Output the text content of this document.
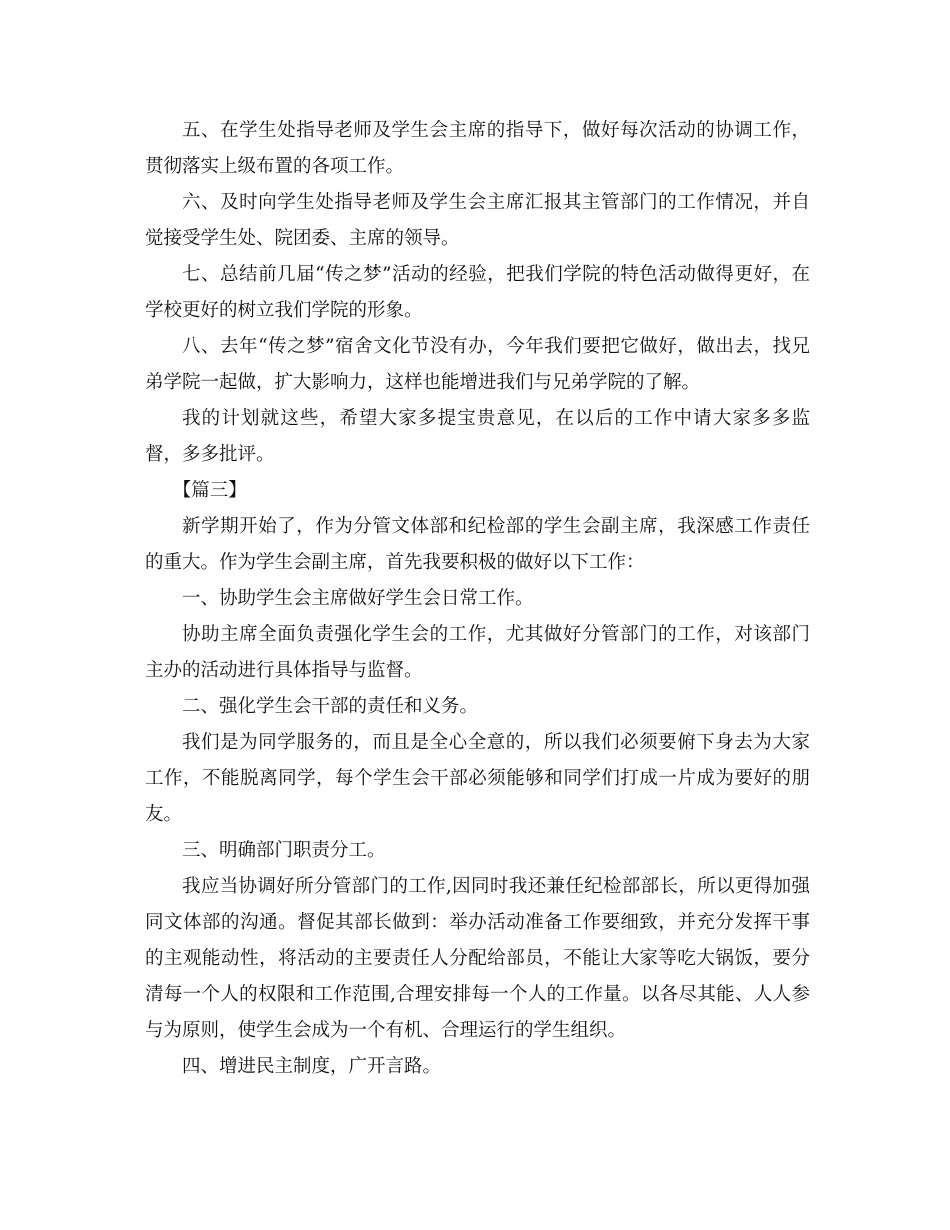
五、在学生处指导老师及学生会主席的指导下，做好每次活动的协调工作，贯彻落实上级布置的各项工作。

六、及时向学生处指导老师及学生会主席汇报其主管部门的工作情况，并自觉接受学生处、院团委、主席的领导。

七、总结前几届“传之梦”活动的经验，把我们学院的特色活动做得更好，在学校更好的树立我们学院的形象。

八、去年“传之梦”宿舍文化节没有办，今年我们要把它做好，做出去，找兄弟学院一起做，扩大影响力，这样也能增进我们与兄弟学院的了解。

我的计划就这些，希望大家多提宝贵意见，在以后的工作中请大家多多监督，多多批评。

【篇三】

新学期开始了，作为分管文体部和纪检部的学生会副主席，我深感工作责任的重大。作为学生会副主席，首先我要积极的做好以下工作：

一、协助学生会主席做好学生会日常工作。

协助主席全面负责强化学生会的工作，尤其做好分管部门的工作，对该部门主办的活动进行具体指导与监督。

二、强化学生会干部的责任和义务。

我们是为同学服务的，而且是全心全意的，所以我们必须要俯下身去为大家工作，不能脱离同学，每个学生会干部必须能够和同学们打成一片成为要好的朋友。

三、明确部门职责分工。

我应当协调好所分管部门的工作,因同时我还兼任纪检部部长，所以更得加强同文体部的沟通。督促其部长做到：举办活动准备工作要细致，并充分发挥干事的主观能动性，将活动的主要责任人分配给部员，不能让大家等吃大锅饭，要分清每一个人的权限和工作范围,合理安排每一个人的工作量。以各尽其能、人人参与为原则，使学生会成为一个有机、合理运行的学生组织。

四、增进民主制度，广开言路。
